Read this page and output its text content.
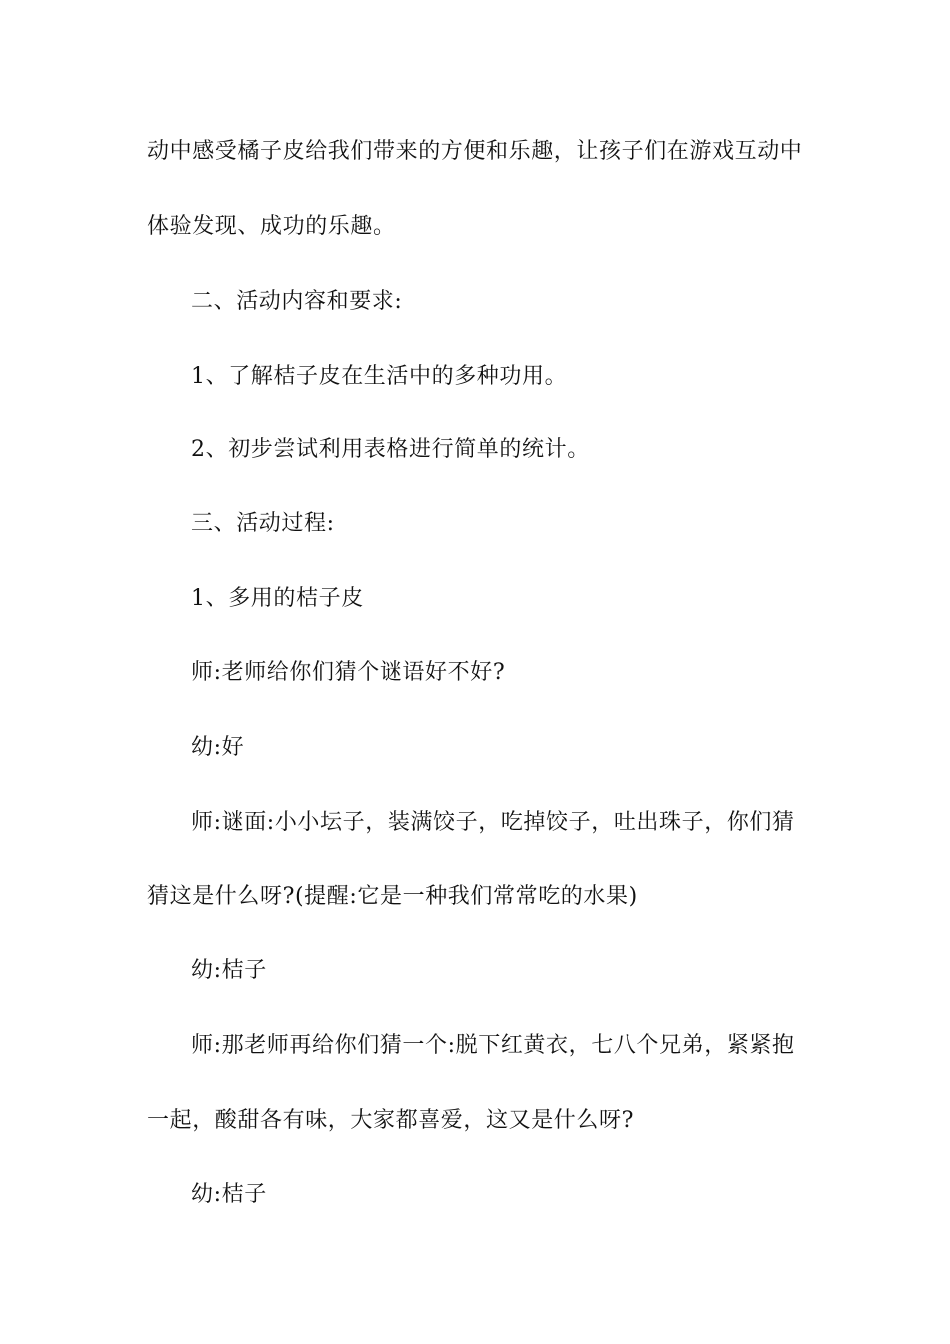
动中感受橘子皮给我们带来的方便和乐趣，让孩子们在游戏互动中

体验发现、成功的乐趣。

二、活动内容和要求:

1、了解桔子皮在生活中的多种功用。

2、初步尝试利用表格进行简单的统计。

三、活动过程:

1、多用的桔子皮

师:老师给你们猜个谜语好不好?

幼:好

师:谜面:小小坛子，装满饺子，吃掉饺子，吐出珠子，你们猜

猜这是什么呀?(提醒:它是一种我们常常吃的水果)

幼:桔子

师:那老师再给你们猜一个:脱下红黄衣，七八个兄弟，紧紧抱

一起，酸甜各有味，大家都喜爱，这又是什么呀?

幼:桔子
